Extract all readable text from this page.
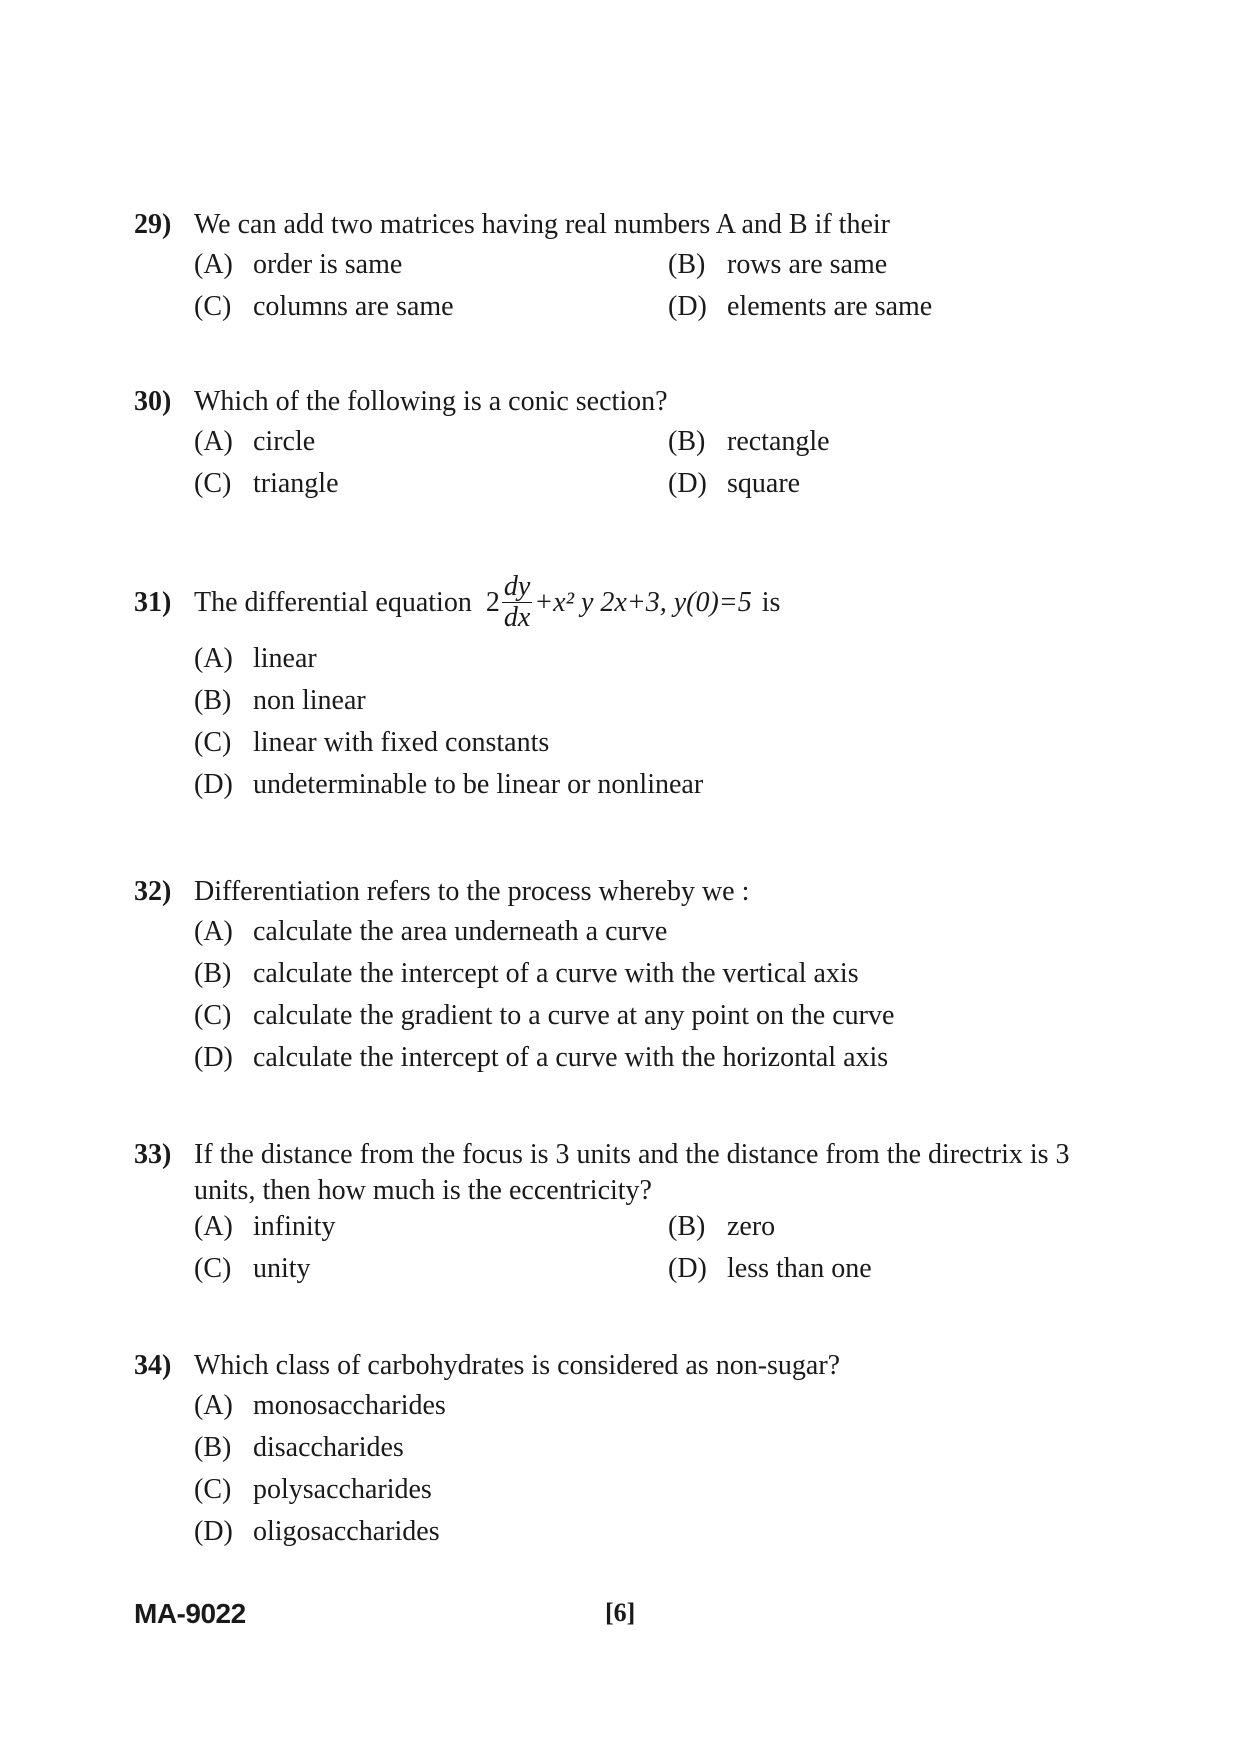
29) We can add two matrices having real numbers A and B if their
(A) order is same	(B) rows are same
(C) columns are same	(D) elements are same
30) Which of the following is a conic section?
(A) circle	(B) rectangle
(C) triangle	(D) square
31) The differential equation $2 \frac{dy}{dx} +x^2$ y 2x+3, y(0)=5 is
(A) linear
(B) non linear
(C) linear with fixed constants
(D) undeterminable to be linear or nonlinear
32) Differentiation refers to the process whereby we :
(A) calculate the area underneath a curve
(B) calculate the intercept of a curve with the vertical axis
(C) calculate the gradient to a curve at any point on the curve
(D) calculate the intercept of a curve with the horizontal axis
33) If the distance from the focus is 3 units and the distance from the directrix is 3 units, then how much is the eccentricity?
(A) infinity	(B) zero
(C) unity	(D) less than one
34) Which class of carbohydrates is considered as non-sugar?
(A) monosaccharides
(B) disaccharides
(C) polysaccharides
(D) oligosaccharides
MA-9022	[6]
